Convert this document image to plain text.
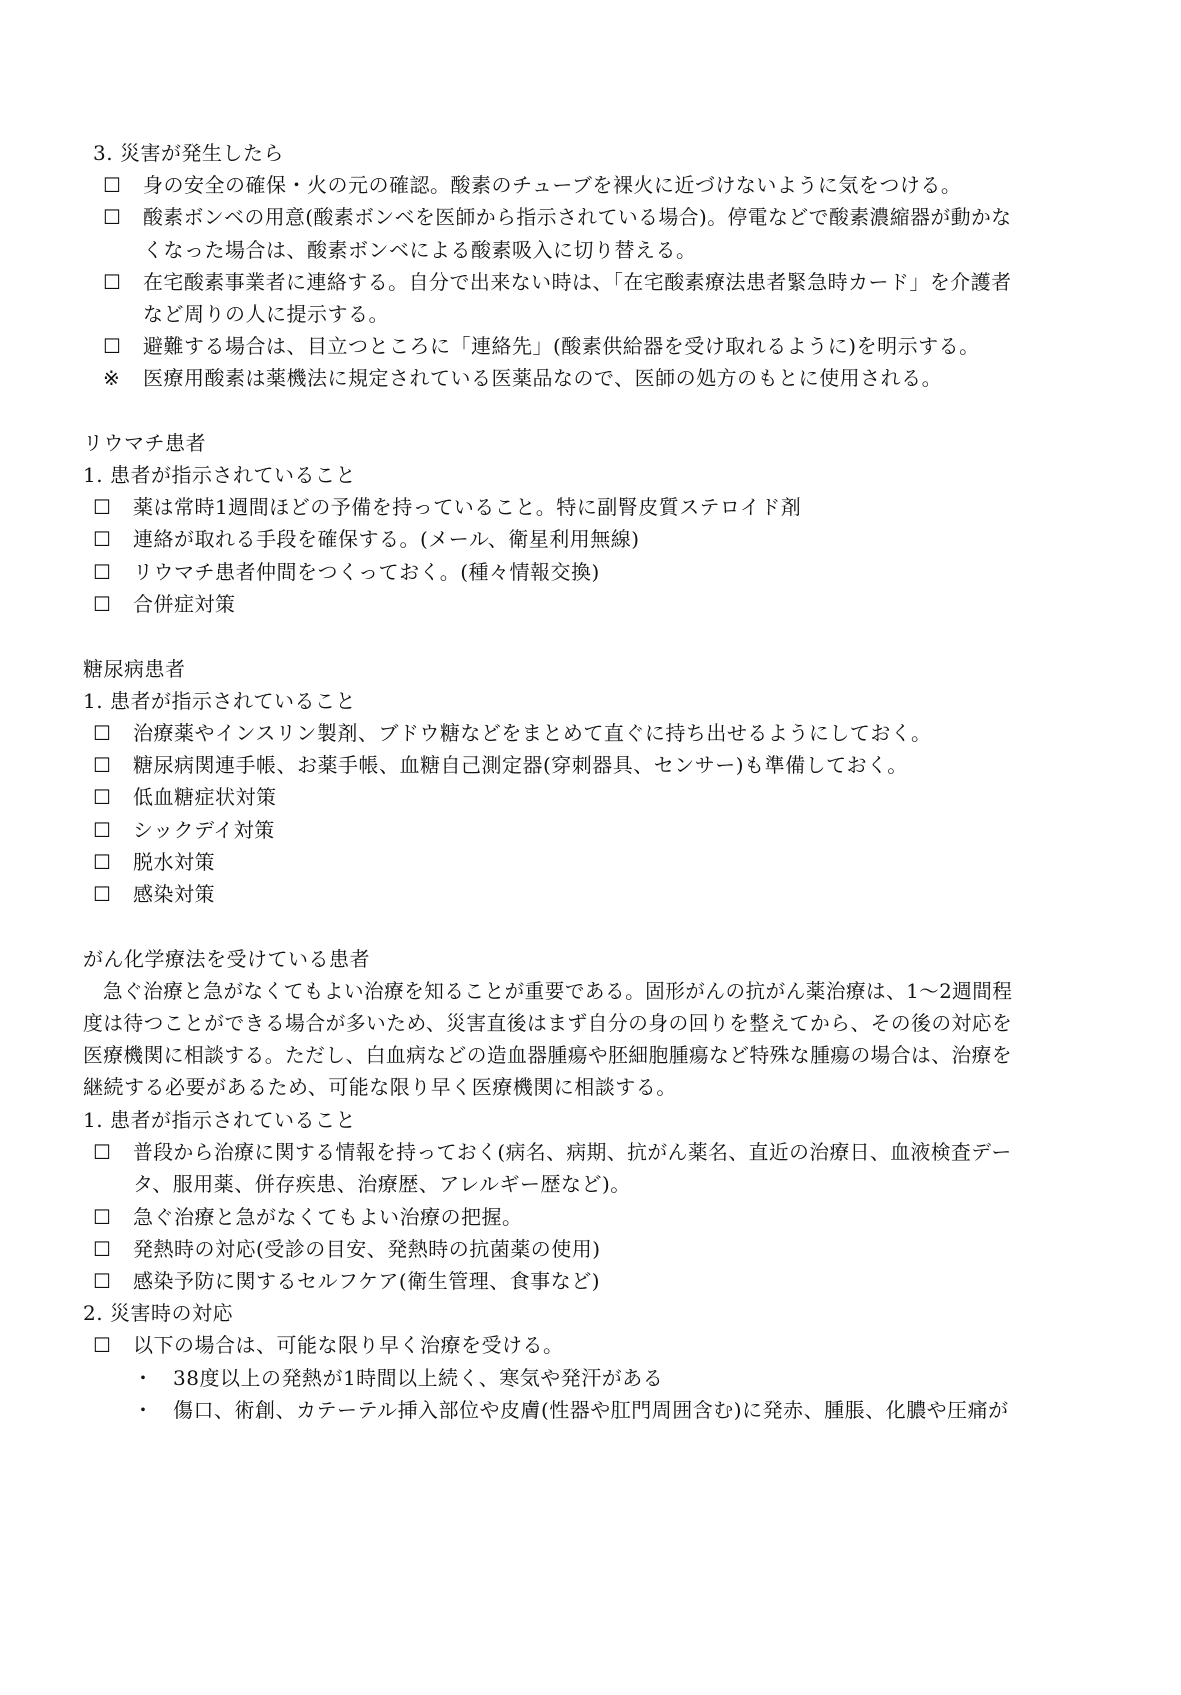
3. 災害が発生したら
☐ 身の安全の確保・火の元の確認。酸素のチューブを裸火に近づけないように気をつける。
☐ 酸素ボンベの用意(酸素ボンベを医師から指示されている場合)。停電などで酸素濃縮器が動かな
くなった場合は、酸素ボンベによる酸素吸入に切り替える。
☐ 在宅酸素事業者に連絡する。自分で出来ない時は、「在宅酸素療法患者緊急時カード」を介護者
など周りの人に提示する。
☐ 避難する場合は、目立つところに「連絡先」(酸素供給器を受け取れるように)を明示する。
※ 医療用酸素は薬機法に規定されている医薬品なので、医師の処方のもとに使用される。
リウマチ患者
1. 患者が指示されていること
☐ 薬は常時1週間ほどの予備を持っていること。特に副腎皮質ステロイド剤
☐ 連絡が取れる手段を確保する。(メール、衛星利用無線)
☐ リウマチ患者仲間をつくっておく。(種々情報交換)
☐ 合併症対策
糖尿病患者
1. 患者が指示されていること
☐ 治療薬やインスリン製剤、ブドウ糖などをまとめて直ぐに持ち出せるようにしておく。
☐ 糖尿病関連手帳、お薬手帳、血糖自己測定器(穿刺器具、センサー)も準備しておく。
☐ 低血糖症状対策
☐ シックデイ対策
☐ 脱水対策
☐ 感染対策
がん化学療法を受けている患者
急ぐ治療と急がなくてもよい治療を知ることが重要である。固形がんの抗がん薬治療は、1〜2週間程
度は待つことができる場合が多いため、災害直後はまず自分の身の回りを整えてから、その後の対応を
医療機関に相談する。ただし、白血病などの造血器腫瘍や胚細胞腫瘍など特殊な腫瘍の場合は、治療を
継続する必要があるため、可能な限り早く医療機関に相談する。
1. 患者が指示されていること
☐ 普段から治療に関する情報を持っておく(病名、病期、抗がん薬名、直近の治療日、血液検査デー
タ、服用薬、併存疾患、治療歴、アレルギー歴など)。
☐ 急ぐ治療と急がなくてもよい治療の把握。
☐ 発熱時の対応(受診の目安、発熱時の抗菌薬の使用)
☐ 感染予防に関するセルフケア(衛生管理、食事など)
2. 災害時の対応
☐ 以下の場合は、可能な限り早く治療を受ける。
・ 38度以上の発熱が1時間以上続く、寒気や発汗がある
・ 傷口、術創、カテーテル挿入部位や皮膚(性器や肛門周囲含む)に発赤、腫脹、化膿や圧痛が
